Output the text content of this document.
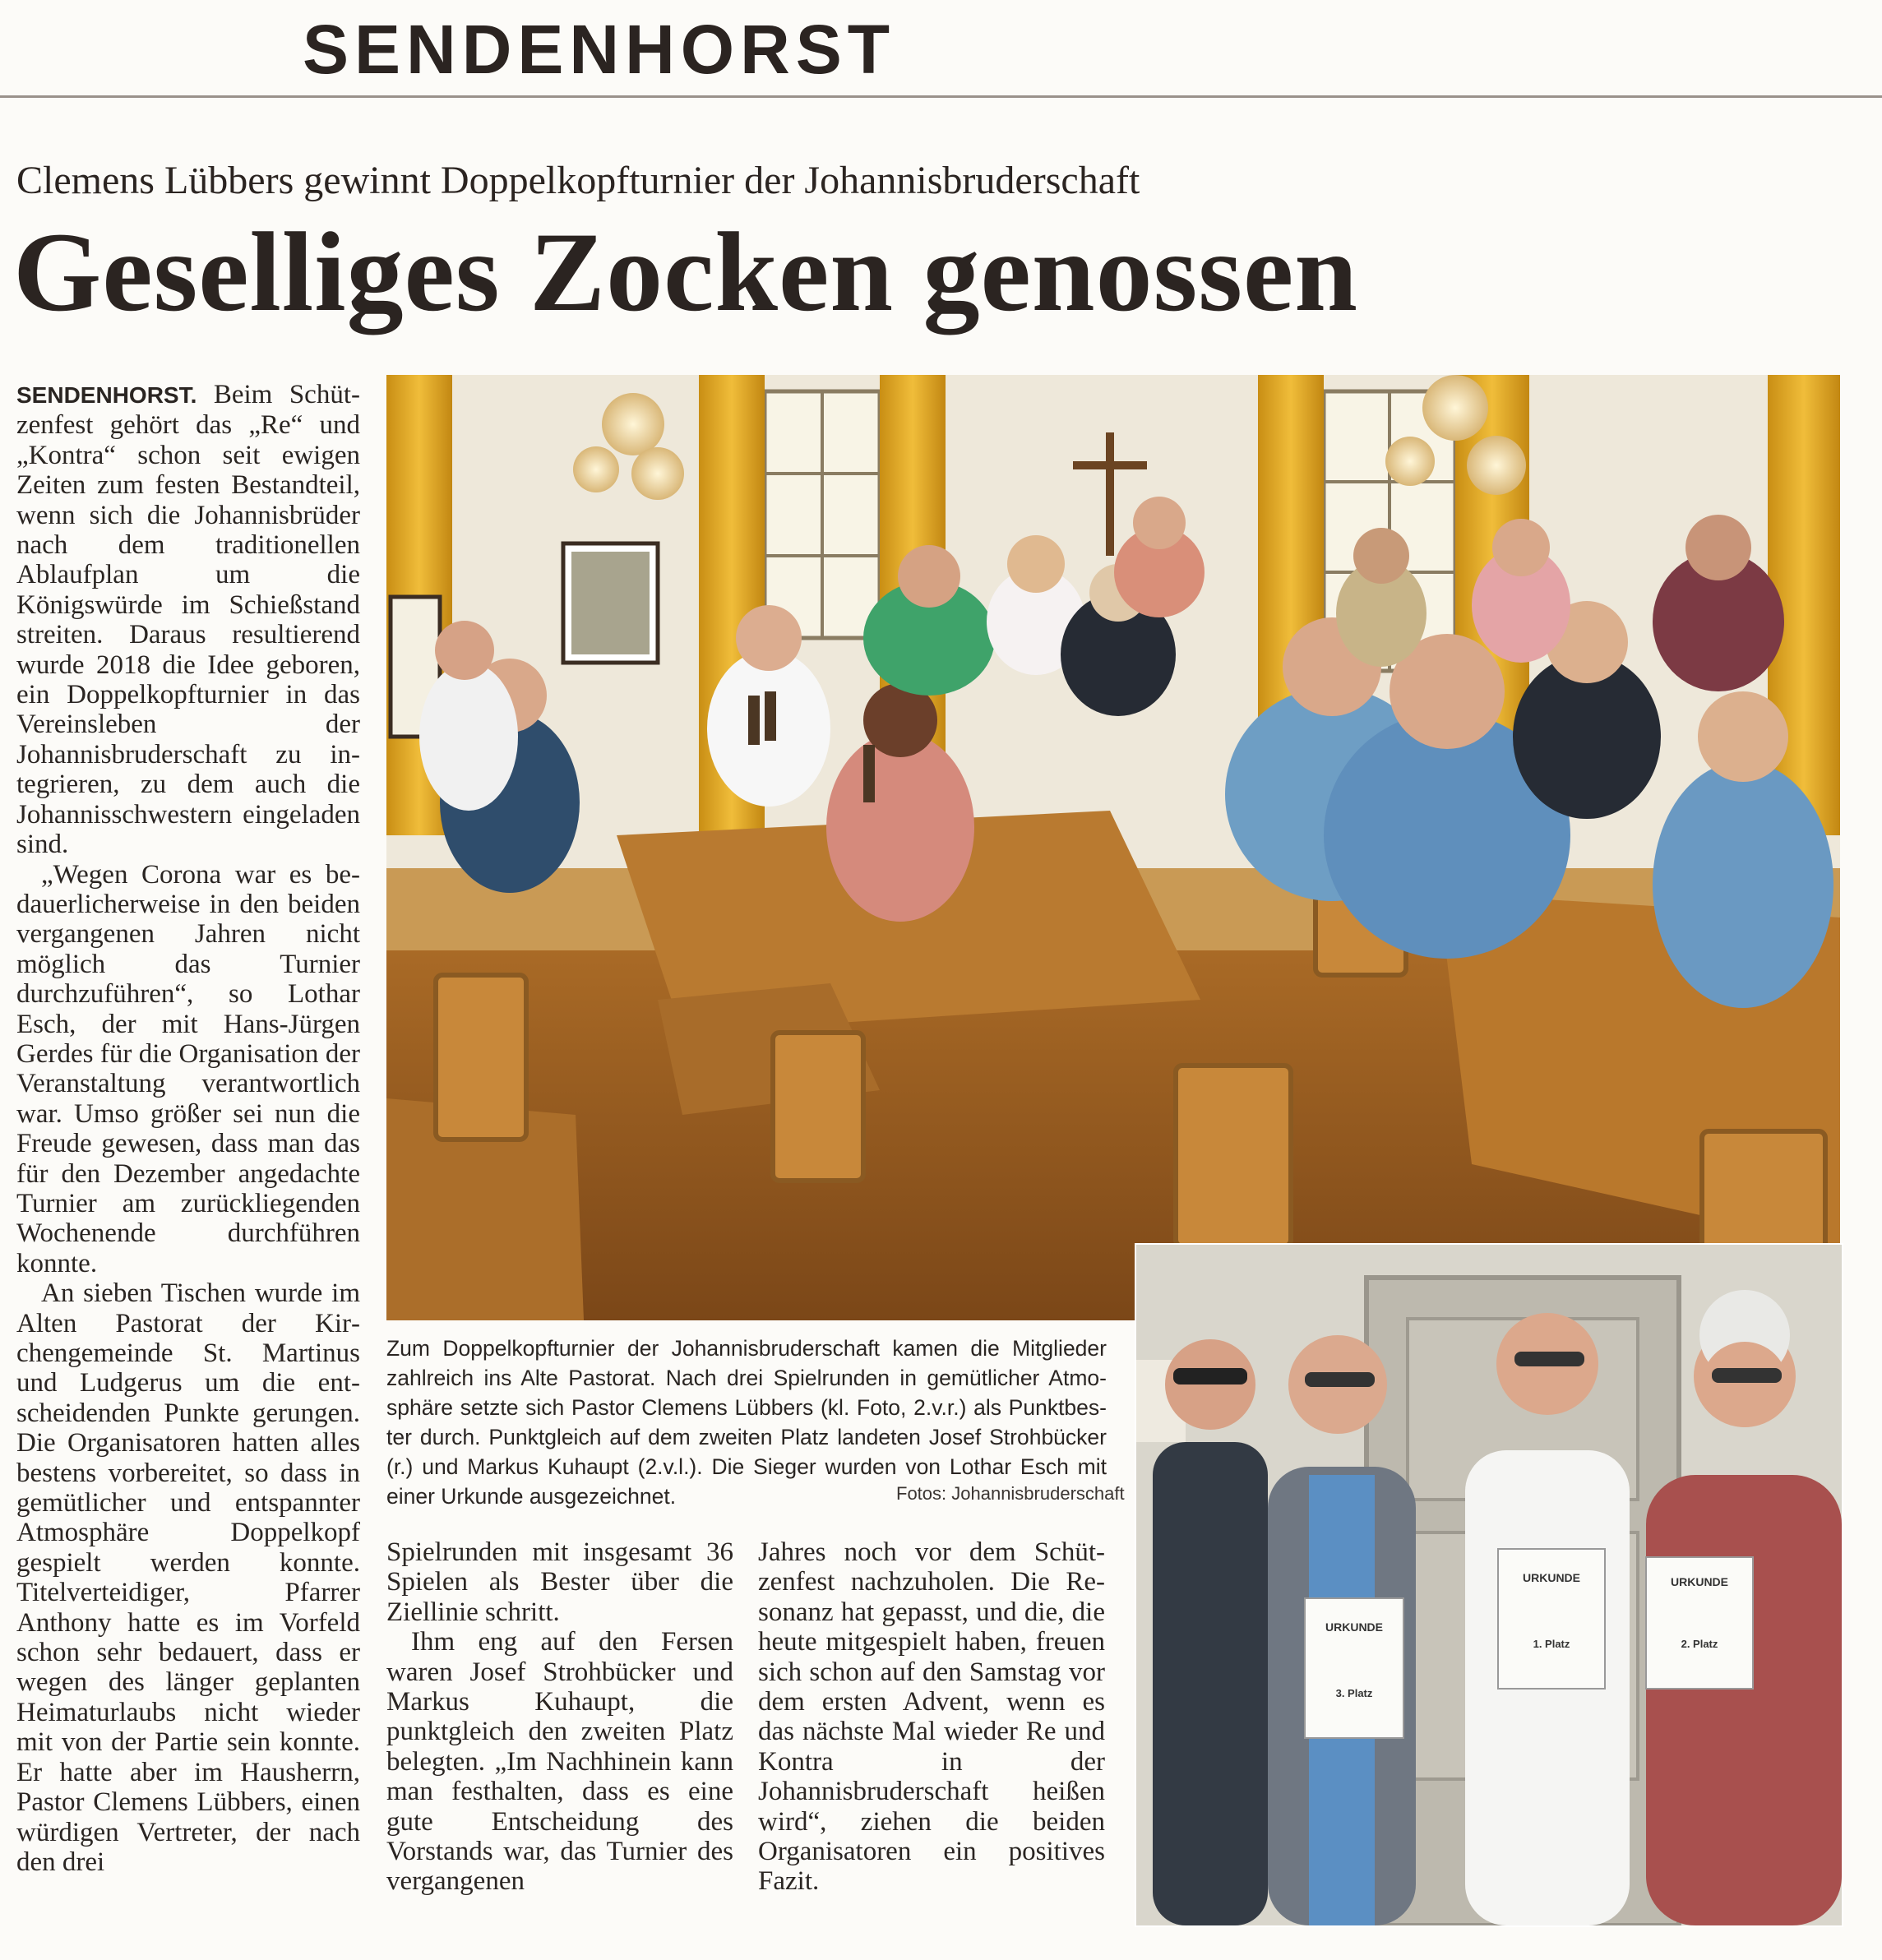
SENDENHORST
Clemens Lübbers gewinnt Doppelkopfturnier der Johannisbruderschaft
Geselliges Zocken genossen

SENDENHORST. Beim Schützenfest gehört das „Re“ und „Kontra“ schon seit ewigen Zeiten zum festen Bestandteil, wenn sich die Johannisbrüder nach dem traditionellen Ablaufplan um die Königswürde im Schießstand streiten. Daraus resultierend wurde 2018 die Idee geboren, ein Doppelkopfturnier in das Vereinsleben der Johannisbruderschaft zu integrieren, zu dem auch die Johannisschwestern eingeladen sind.

„Wegen Corona war es bedauerlicherweise in den beiden vergangenen Jahren nicht möglich das Turnier durchzuführen“, so Lothar Esch, der mit Hans-Jürgen Gerdes für die Organisation der Veranstaltung verantwortlich war. Umso größer sei nun die Freude gewesen, dass man das für den Dezember angedachte Turnier am zurückliegenden Wochenende durchführen konnte.

An sieben Tischen wurde im Alten Pastorat der Kirchengemeinde St. Martinus und Ludgerus um die entscheidenden Punkte gerungen. Die Organisatoren hatten alles bestens vorbereitet, so dass in gemütlicher und entspannter Atmosphäre Doppelkopf gespielt werden konnte. Titelverteidiger, Pfarrer Anthony hatte es im Vorfeld schon sehr bedauert, dass er wegen des länger geplanten Heimaturlaubs nicht wieder mit von der Partie sein konnte. Er hatte aber im Hausherrn, Pastor Clemens Lübbers, einen würdigen Vertreter, der nach den drei

Zum Doppelkopfturnier der Johannisbruderschaft kamen die Mitglieder zahlreich ins Alte Pastorat. Nach drei Spielrunden in gemütlicher Atmosphäre setzte sich Pastor Clemens Lübbers (kl. Foto, 2.v.r.) als Punktbester durch. Punktgleich auf dem zweiten Platz landeten Josef Strohbücker (r.) und Markus Kuhaupt (2.v.l.). Die Sieger wurden von Lothar Esch mit einer Urkunde ausgezeichnet.	Fotos: Johannisbruderschaft

Spielrunden mit insgesamt 36 Spielen als Bester über die Ziellinie schritt.

Ihm eng auf den Fersen waren Josef Strohbücker und Markus Kuhaupt, die punktgleich den zweiten Platz belegten. „Im Nachhinein kann man festhalten, dass es eine gute Entscheidung des Vorstands war, das Turnier des vergangenen

Jahres noch vor dem Schützenfest nachzuholen. Die Resonanz hat gepasst, und die, die heute mitgespielt haben, freuen sich schon auf den Samstag vor dem ersten Advent, wenn es das nächste Mal wieder Re und Kontra in der Johannisbruderschaft heißen wird“, ziehen die beiden Organisatoren ein positives Fazit.

URKUNDE
3. Platz
URKUNDE
1. Platz
URKUNDE
2. Platz
